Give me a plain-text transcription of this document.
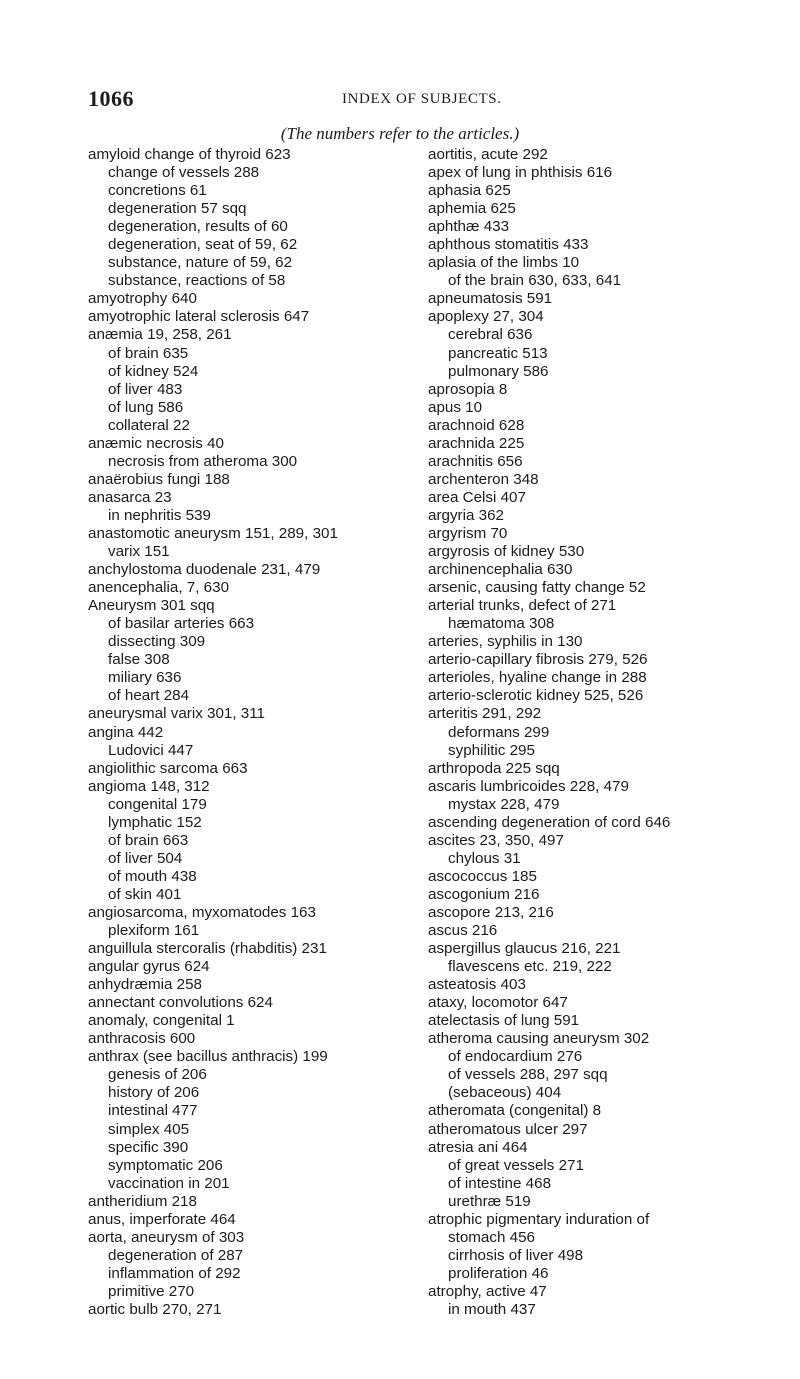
1066	INDEX OF SUBJECTS.
(The numbers refer to the articles.)
amyloid change of thyroid 623
change of vessels 288
concretions 61
degeneration 57 sqq
degeneration, results of 60
degeneration, seat of 59, 62
substance, nature of 59, 62
substance, reactions of 58
amyotrophy 640
amyotrophic lateral sclerosis 647
anæmia 19, 258, 261
of brain 635
of kidney 524
of liver 483
of lung 586
collateral 22
anæmic necrosis 40
necrosis from atheroma 300
anaërobius fungi 188
anasarca 23
in nephritis 539
anastomotic aneurysm 151, 289, 301
varix 151
anchylostoma duodenale 231, 479
anencephalia, 7, 630
Aneurysm 301 sqq
of basilar arteries 663
dissecting 309
false 308
miliary 636
of heart 284
aneurysmal varix 301, 311
angina 442
Ludovici 447
angiolithic sarcoma 663
angioma 148, 312
congenital 179
lymphatic 152
of brain 663
of liver 504
of mouth 438
of skin 401
angiosarcoma, myxomatodes 163
plexiform 161
anguillula stercoralis (rhabditis) 231
angular gyrus 624
anhydræmia 258
annectant convolutions 624
anomaly, congenital 1
anthracosis 600
anthrax (see bacillus anthracis) 199
genesis of 206
history of 206
intestinal 477
simplex 405
specific 390
symptomatic 206
vaccination in 201
antheridium 218
anus, imperforate 464
aorta, aneurysm of 303
degeneration of 287
inflammation of 292
primitive 270
aortic bulb 270, 271
aortitis, acute 292
apex of lung in phthisis 616
aphasia 625
aphemia 625
aphthæ 433
aphthous stomatitis 433
aplasia of the limbs 10
of the brain 630, 633, 641
apneumatosis 591
apoplexy 27, 304
cerebral 636
pancreatic 513
pulmonary 586
aprosopia 8
apus 10
arachnoid 628
arachnida 225
arachnitis 656
archenteron 348
area Celsi 407
argyria 362
argyrism 70
argyrosis of kidney 530
archinencephalia 630
arsenic, causing fatty change 52
arterial trunks, defect of 271
hæmatoma 308
arteries, syphilis in 130
arterio-capillary fibrosis 279, 526
arterioles, hyaline change in 288
arterio-sclerotic kidney 525, 526
arteritis 291, 292
deformans 299
syphilitic 295
arthropoda 225 sqq
ascaris lumbricoides 228, 479
mystax 228, 479
ascending degeneration of cord 646
ascites 23, 350, 497
chylous 31
ascococcus 185
ascogonium 216
ascopore 213, 216
ascus 216
aspergillus glaucus 216, 221
flavescens etc. 219, 222
asteatosis 403
ataxy, locomotor 647
atelectasis of lung 591
atheroma causing aneurysm 302
of endocardium 276
of vessels 288, 297 sqq
(sebaceous) 404
atheromata (congenital) 8
atheromatous ulcer 297
atresia ani 464
of great vessels 271
of intestine 468
urethræ 519
atrophic pigmentary induration of
stomach 456
cirrhosis of liver 498
proliferation 46
atrophy, active 47
in mouth 437
